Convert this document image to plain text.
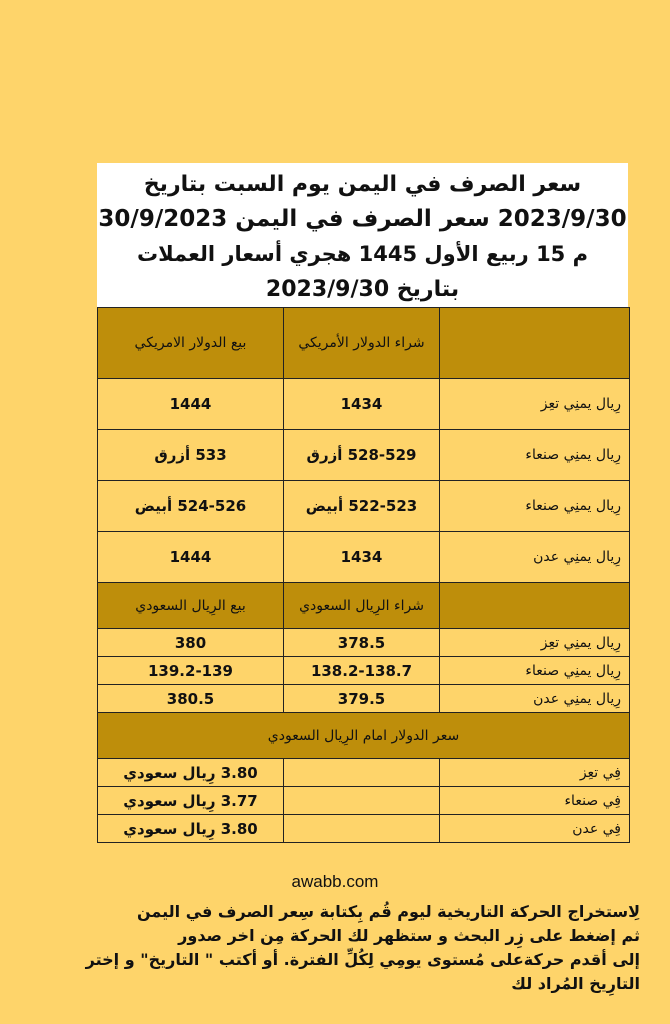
سعر الصرف في اليمن يوم السبت بتاريخ
2023/9/30 سعر الصرف في اليمن 30/9/2023
م 15 ربيع الأول 1445 هجري أسعار العملات
بتاريخ 2023/9/30
	شراء الدولار الأمريكي	بيع الدولار الامريكي
رِيال يمنِي تعِز	1434	1444
رِيال يمنِي صنعاء	528-529 أزرق	533 أزرق
رِيال يمنِي صنعاء	522-523 أبيض	524-526 أبيض
رِيال يمنِي عدن	1434	1444
	شراء الرِيال السعودي	بيع الرِيال السعودي
رِيال يمنِي تعِز	378.5	380
رِيال يمنِي صنعاء	138.2-138.7	139.2-139
رِيال يمنِي عدن	379.5	380.5
سعر الدولار امام الرِيال السعودي		
فِي تعِز		3.80 رِيال سعودي
فِي صنعاء		3.77 رِيال سعودي
فِي عدن		3.80 رِيال سعودي
awabb.com
لِاستخراج الحركة التاريخية ليوم قُم بِكتابة سِعر الصرف في اليمن
ثم إضغط على زِر البحث و ستظهر لك الحركة مِن اخر صدور
إلى أقدم حركةعلى مُستوى يومِي لِكُلِّ الفترة. أو أكتب " التاريخ" و إختر
التارِيخ المُراد لك
